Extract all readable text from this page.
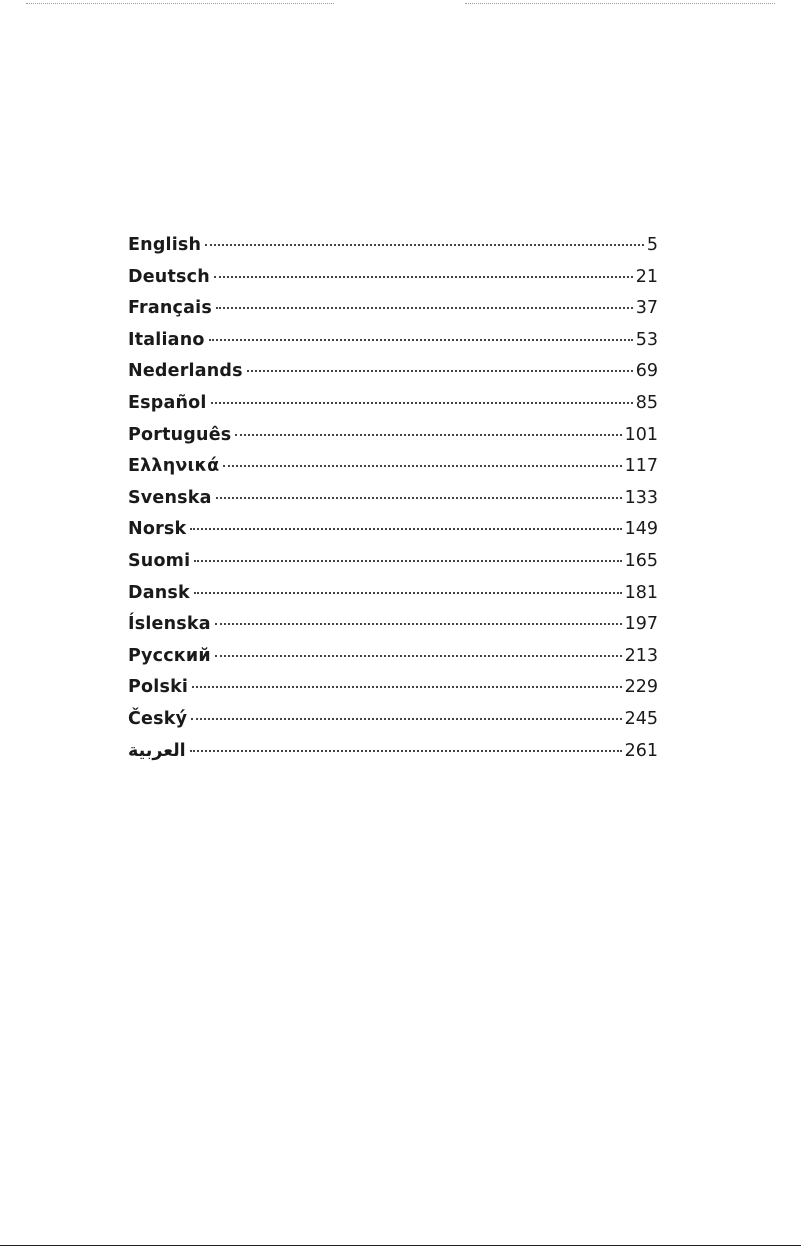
English	5
Deutsch	21
Français	37
Italiano	53
Nederlands	69
Español	85
Português	101
Ελληνικά	117
Svenska	133
Norsk	149
Suomi	165
Dansk	181
Íslenska	197
Русский	213
Polski	229
Český	245
العربية	261
